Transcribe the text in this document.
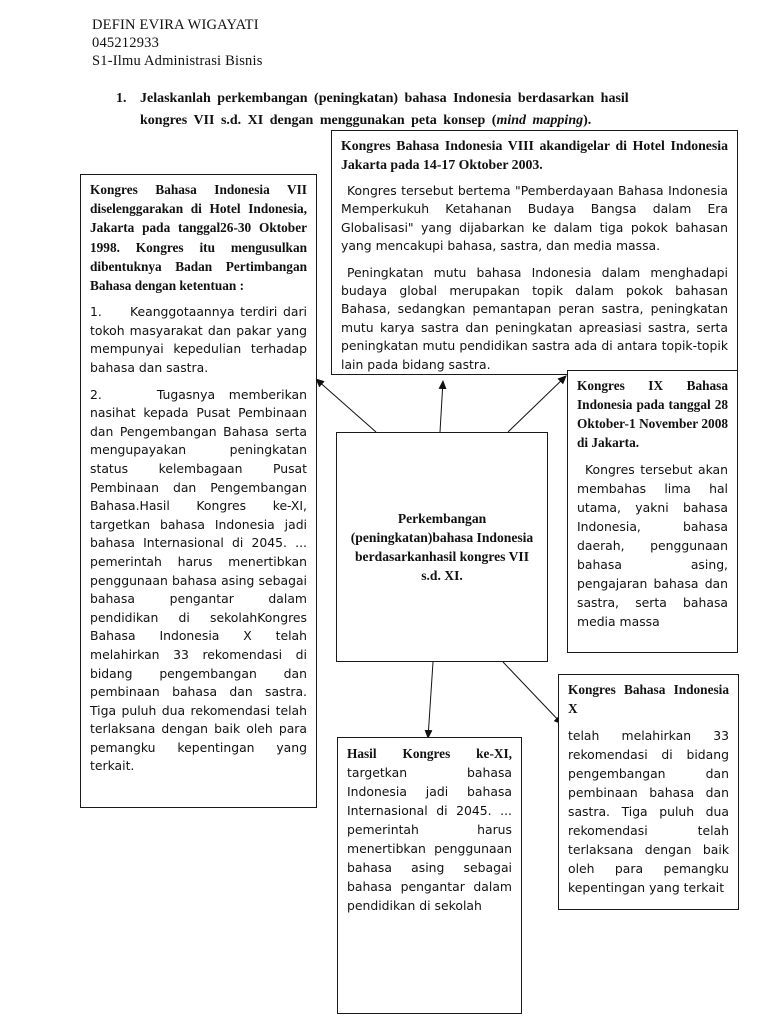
DEFIN EVIRA WIGAYATI
045212933
S1-Ilmu Administrasi Bisnis
1. Jelaskanlah perkembangan (peningkatan) bahasa Indonesia berdasarkan hasil
kongres VII s.d. XI dengan menggunakan peta konsep (mind mapping).

Kongres Bahasa Indonesia VII diselenggarakan di Hotel Indonesia, Jakarta pada tanggal26-30 Oktober 1998. Kongres itu mengusulkan dibentuknya Badan Pertimbangan Bahasa dengan ketentuan :

1.     Keanggotaannya terdiri dari tokoh masyarakat dan pakar yang mempunyai kepedulian terhadap bahasa dan sastra.

2.    Tugasnya memberikan nasihat kepada Pusat Pembinaan dan Pengembangan Bahasa serta mengupayakan peningkatan status kelembagaan Pusat Pembinaan dan Pengembangan Bahasa.Hasil Kongres ke-XI, targetkan bahasa Indonesia jadi bahasa Internasional di 2045. ... pemerintah harus menertibkan penggunaan bahasa asing sebagai bahasa pengantar dalam pendidikan di sekolahKongres Bahasa Indonesia X telah melahirkan 33 rekomendasi di bidang pengembangan dan pembinaan bahasa dan sastra. Tiga puluh dua rekomendasi telah terlaksana dengan baik oleh para pemangku kepentingan yang terkait.

Kongres Bahasa Indonesia VIII akandigelar di Hotel Indonesia Jakarta pada 14-17 Oktober 2003.

Kongres tersebut bertema "Pemberdayaan Bahasa Indonesia Memperkukuh Ketahanan Budaya Bangsa dalam Era Globalisasi" yang dijabarkan ke dalam tiga pokok bahasan yang mencakupi bahasa, sastra, dan media massa.

Peningkatan mutu bahasa Indonesia dalam menghadapi budaya global merupakan topik dalam pokok bahasan Bahasa, sedangkan pemantapan peran sastra, peningkatan mutu karya sastra dan peningkatan apreasiasi sastra, serta peningkatan mutu pendidikan sastra ada di antara topik-topik lain pada bidang sastra.

Perkembangan (peningkatan)bahasa Indonesia berdasarkanhasil kongres VII s.d. XI.

Kongres IX Bahasa Indonesia pada tanggal 28 Oktober-1 November 2008 di Jakarta.

Kongres tersebut akan membahas lima hal utama, yakni bahasa Indonesia, bahasa daerah, penggunaan bahasa asing, pengajaran bahasa dan sastra, serta bahasa media massa

Kongres Bahasa Indonesia X

telah melahirkan 33 rekomendasi di bidang pengembangan dan pembinaan bahasa dan sastra. Tiga puluh dua rekomendasi telah terlaksana dengan baik oleh para pemangku kepentingan yang terkait

Hasil Kongres ke-XI, targetkan bahasa Indonesia jadi bahasa Internasional di 2045. ... pemerintah harus menertibkan penggunaan bahasa asing sebagai bahasa pengantar dalam pendidikan di sekolah
